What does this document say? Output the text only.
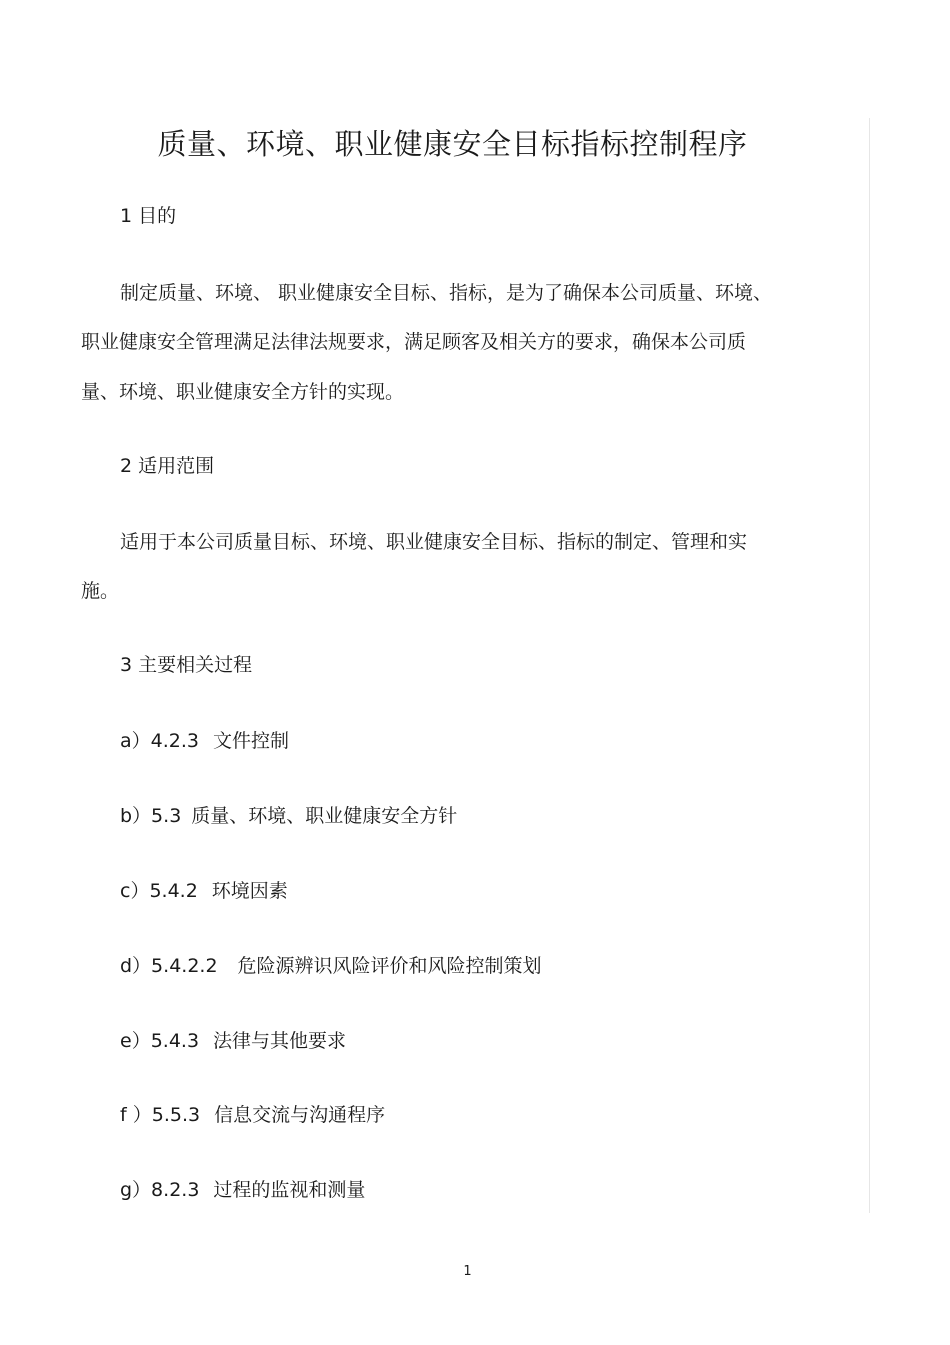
质量、环境、职业健康安全目标指标控制程序
1 目的
制定质量、环境、 职业健康安全目标、指标，是为了确保本公司质量、环境、
职业健康安全管理满足法律法规要求，满足顾客及相关方的要求，确保本公司质
量、环境、职业健康安全方针的实现。
2 适用范围
适用于本公司质量目标、环境、职业健康安全目标、指标的制定、管理和实
施。
3 主要相关过程
a）4.2.3 文件控制
b）5.3 质量、环境、职业健康安全方针
c）5.4.2 环境因素
d）5.4.2.2 危险源辨识风险评价和风险控制策划
e）5.4.3 法律与其他要求
f ）5.5.3 信息交流与沟通程序
g）8.2.3 过程的监视和测量
1
